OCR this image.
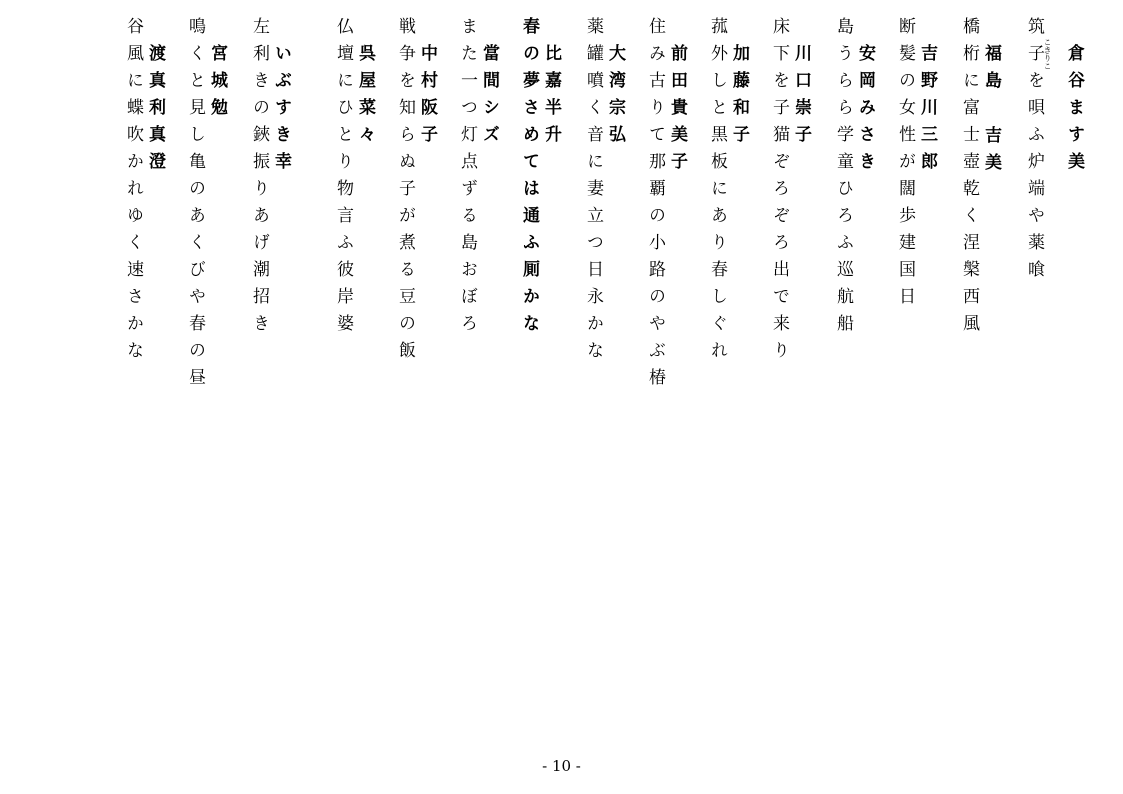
倉谷ます美
筑子を唄ふ炉端や薬喰 こきりこ
福島
橋桁に富士壺乾く涅槃西風 吉美
吉野川三郎
断髪の女性が闊歩建国日
安岡みさき
島うらら学童ひろふ巡航船
川口崇子
床下を子猫ぞろぞろ出で来り
加藤和子
菰外しと黒板にあり春しぐれ
前田貴美子
住み古りて那覇の小路のやぶ椿
大湾宗弘
薬罐噴く音に妻立つ日永かな
比嘉半升
春の夢さめては通ふ厠かな
當間シズ
また一つ灯点ずる島おぼろ
中村阪子
戦争を知らぬ子が煮る豆の飯
呉屋菜々
仏壇にひとり物言ふ彼岸婆
いぶすき幸
左利きの鋏振りあげ潮招き
宮城勉
鳴くと見し亀のあくびや春の昼
渡真利真澄
谷風に蝶吹かれゆく速さかな
- 10 -
